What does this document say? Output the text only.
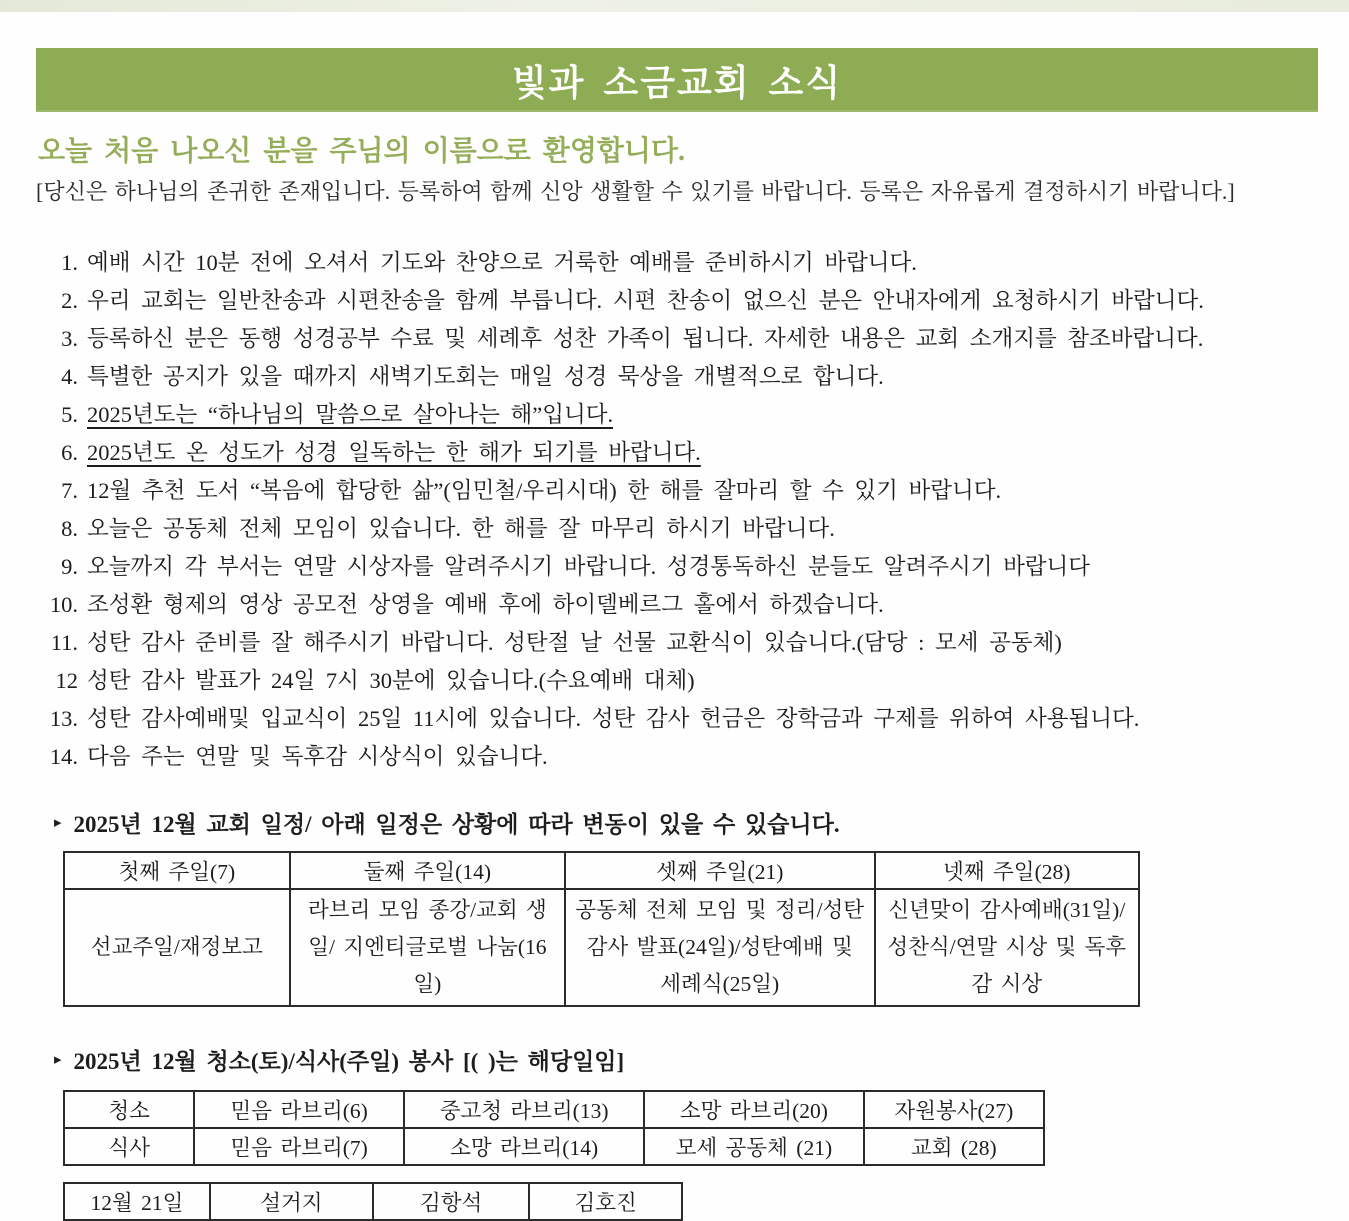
빛과 소금교회 소식
오늘 처음 나오신 분을 주님의 이름으로 환영합니다.
[당신은 하나님의 존귀한 존재입니다. 등록하여 함께 신앙 생활할 수 있기를 바랍니다. 등록은 자유롭게 결정하시기 바랍니다.]
1. 예배 시간 10분 전에 오셔서 기도와 찬양으로 거룩한 예배를 준비하시기 바랍니다.
2. 우리 교회는 일반찬송과 시편찬송을 함께 부릅니다. 시편 찬송이 없으신 분은 안내자에게 요청하시기 바랍니다.
3. 등록하신 분은 동행 성경공부 수료 및 세례후 성찬 가족이 됩니다. 자세한 내용은 교회 소개지를 참조바랍니다.
4. 특별한 공지가 있을 때까지 새벽기도회는 매일 성경 묵상을 개별적으로 합니다.
5. 2025년도는 “하나님의 말씀으로 살아나는 해”입니다.
6. 2025년도 온 성도가 성경 일독하는 한 해가 되기를 바랍니다.
7. 12월 추천 도서 “복음에 합당한 삶”(임민철/우리시대) 한 해를 잘마리 할 수 있기 바랍니다.
8. 오늘은 공동체 전체 모임이 있습니다. 한 해를 잘 마무리 하시기 바랍니다.
9. 오늘까지 각 부서는 연말 시상자를 알려주시기 바랍니다. 성경통독하신 분들도 알려주시기 바랍니다
10. 조성환 형제의 영상 공모전 상영을 예배 후에 하이델베르그 홀에서 하겠습니다.
11. 성탄 감사 준비를 잘 해주시기 바랍니다. 성탄절 날 선물 교환식이 있습니다.(담당 : 모세 공동체)
12 성탄 감사 발표가 24일 7시 30분에 있습니다.(수요예배 대체)
13. 성탄 감사예배및 입교식이 25일 11시에 있습니다. 성탄 감사 헌금은 장학금과 구제를 위하여 사용됩니다.
14. 다음 주는 연말 및 독후감 시상식이 있습니다.
▸ 2025년 12월 교회 일정/ 아래 일정은 상황에 따라 변동이 있을 수 있습니다.
첫째 주일(7)	둘째 주일(14)	셋째 주일(21)	넷째 주일(28)
선교주일/재정보고	라브리 모임 종강/교회 생일/ 지엔티글로벌 나눔(16일)	공동체 전체 모임 및 정리/성탄 감사 발표(24일)/성탄예배 및 세례식(25일)	신년맞이 감사예배(31일)/성찬식/연말 시상 및 독후감 시상
▸ 2025년 12월 청소(토)/식사(주일) 봉사 [( )는 해당일임]
청소	믿음 라브리(6)	중고청 라브리(13)	소망 라브리(20)	자원봉사(27)
식사	믿음 라브리(7)	소망 라브리(14)	모세 공동체 (21)	교회 (28)
12월 21일	설거지	김항석	김호진
